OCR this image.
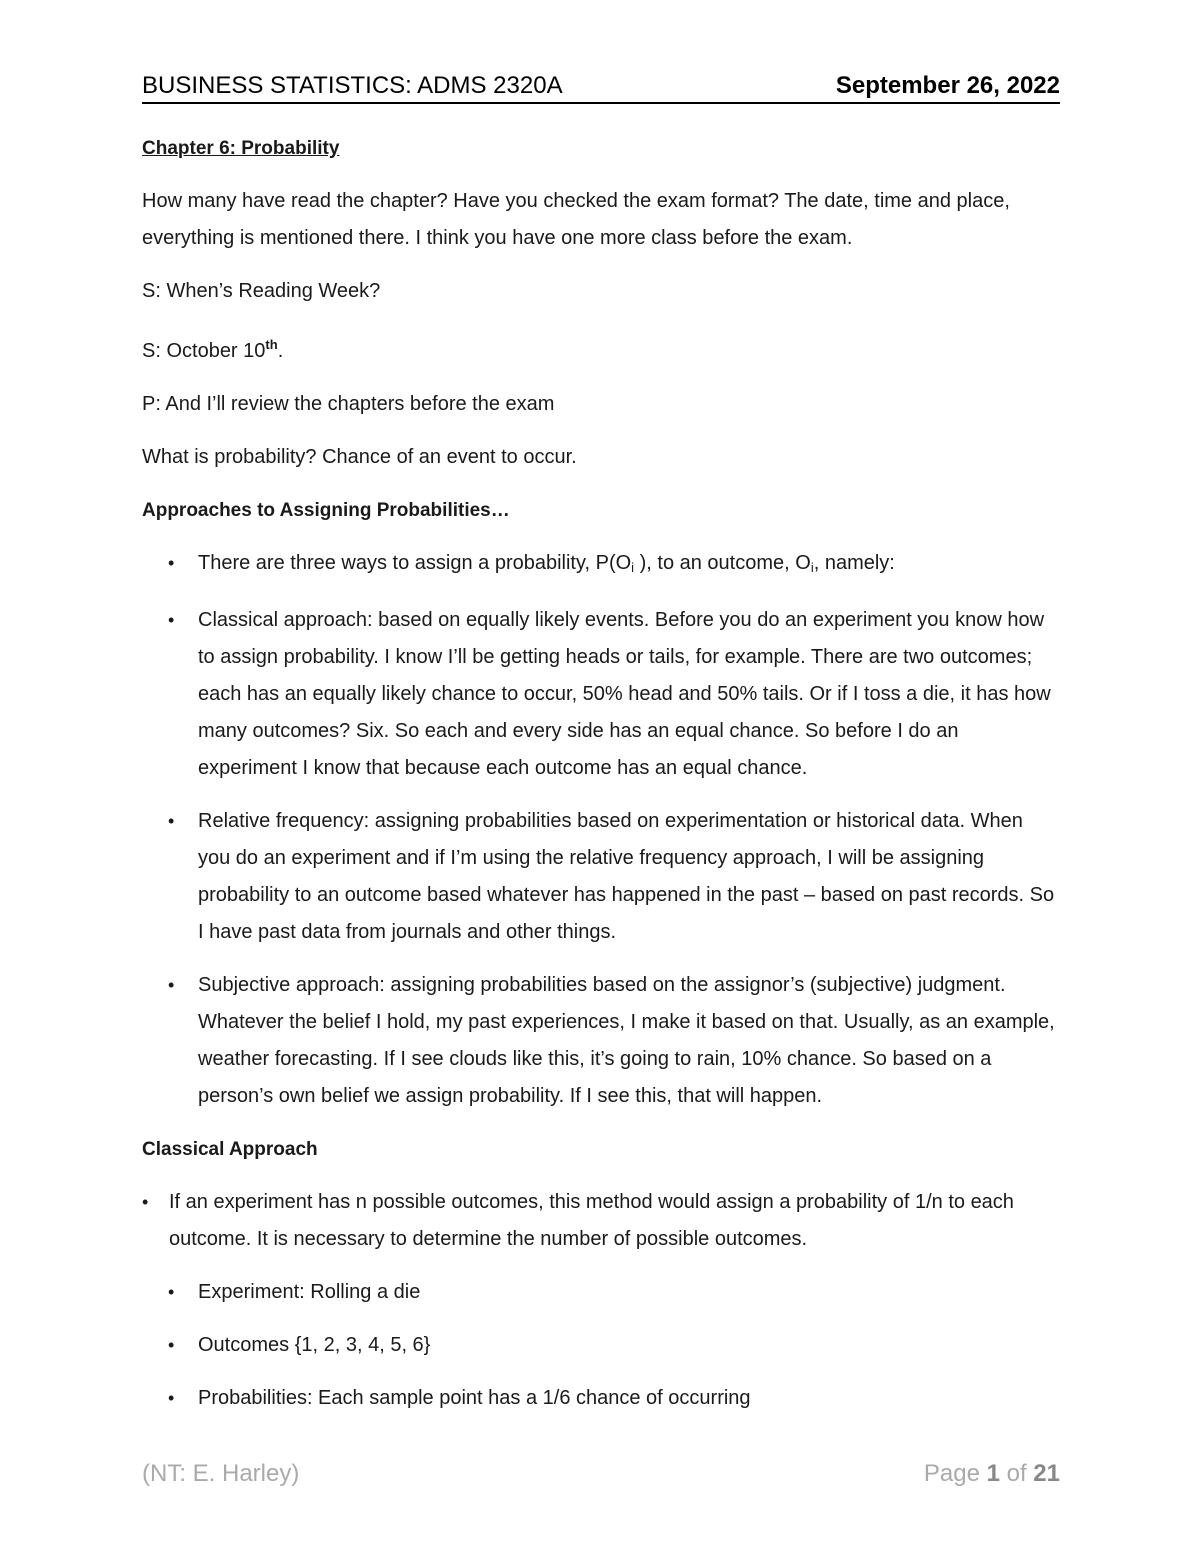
BUSINESS STATISTICS: ADMS 2320A	September 26, 2022

Chapter 6: Probability

How many have read the chapter? Have you checked the exam format? The date, time and place, everything is mentioned there. I think you have one more class before the exam.

S: When’s Reading Week?

S: October 10th.

P: And I’ll review the chapters before the exam

What is probability? Chance of an event to occur.

Approaches to Assigning Probabilities…

• There are three ways to assign a probability, $P(O_i$ ), to an outcome, $O_i$, namely:
• Classical approach: based on equally likely events. Before you do an experiment you know how to assign probability. I know I’ll be getting heads or tails, for example. There are two outcomes; each has an equally likely chance to occur, 50% head and 50% tails. Or if I toss a die, it has how many outcomes? Six. So each and every side has an equal chance. So before I do an experiment I know that because each outcome has an equal chance.
• Relative frequency: assigning probabilities based on experimentation or historical data. When you do an experiment and if I’m using the relative frequency approach, I will be assigning probability to an outcome based whatever has happened in the past – based on past records. So I have past data from journals and other things.
• Subjective approach: assigning probabilities based on the assignor’s (subjective) judgment. Whatever the belief I hold, my past experiences, I make it based on that. Usually, as an example, weather forecasting. If I see clouds like this, it’s going to rain, 10% chance. So based on a person’s own belief we assign probability. If I see this, that will happen.

Classical Approach

• If an experiment has n possible outcomes, this method would assign a probability of 1/n to each outcome. It is necessary to determine the number of possible outcomes.
• Experiment: Rolling a die
• Outcomes {1, 2, 3, 4, 5, 6}
• Probabilities: Each sample point has a 1/6 chance of occurring
(NT: E. Harley)	Page 1 of 21
